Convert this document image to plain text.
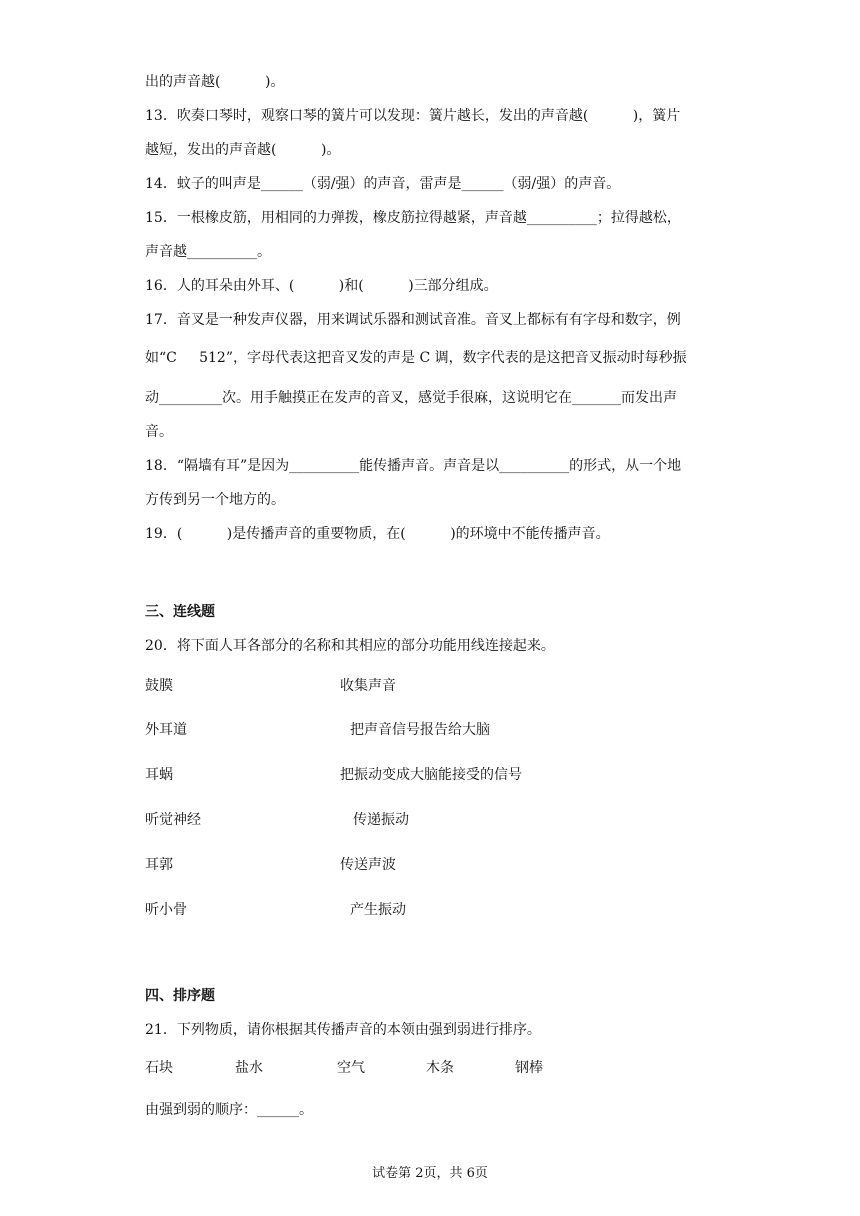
出的声音越(          )。
13．吹奏口琴时，观察口琴的簧片可以发现：簧片越长，发出的声音越(          )，簧片
越短，发出的声音越(          )。
14．蚊子的叫声是______（弱/强）的声音，雷声是______（弱/强）的声音。
15．一根橡皮筋，用相同的力弹拨，橡皮筋拉得越紧，声音越__________；拉得越松，
声音越__________。
16．人的耳朵由外耳、(          )和(          )三部分组成。
17．音叉是一种发声仪器，用来调试乐器和测试音准。音叉上都标有有字母和数字，例
如“C     512”，字母代表这把音叉发的声是 C 调，数字代表的是这把音叉振动时每秒振
动_________次。用手触摸正在发声的音叉，感觉手很麻，这说明它在_______而发出声
音。
18．“隔墙有耳”是因为__________能传播声音。声音是以__________的形式，从一个地
方传到另一个地方的。
19．(          )是传播声音的重要物质，在(          )的环境中不能传播声音。
三、连线题
20．将下面人耳各部分的名称和其相应的部分功能用线连接起来。
鼓膜	收集声音
外耳道	把声音信号报告给大脑
耳蜗	把振动变成大脑能接受的信号
听觉神经	传递振动
耳郭	传送声波
听小骨	产生振动
四、排序题
21．下列物质，请你根据其传播声音的本领由强到弱进行排序。
石块	盐水	空气	木条	钢棒
由强到弱的顺序：______。
试卷第 2页，共 6页
